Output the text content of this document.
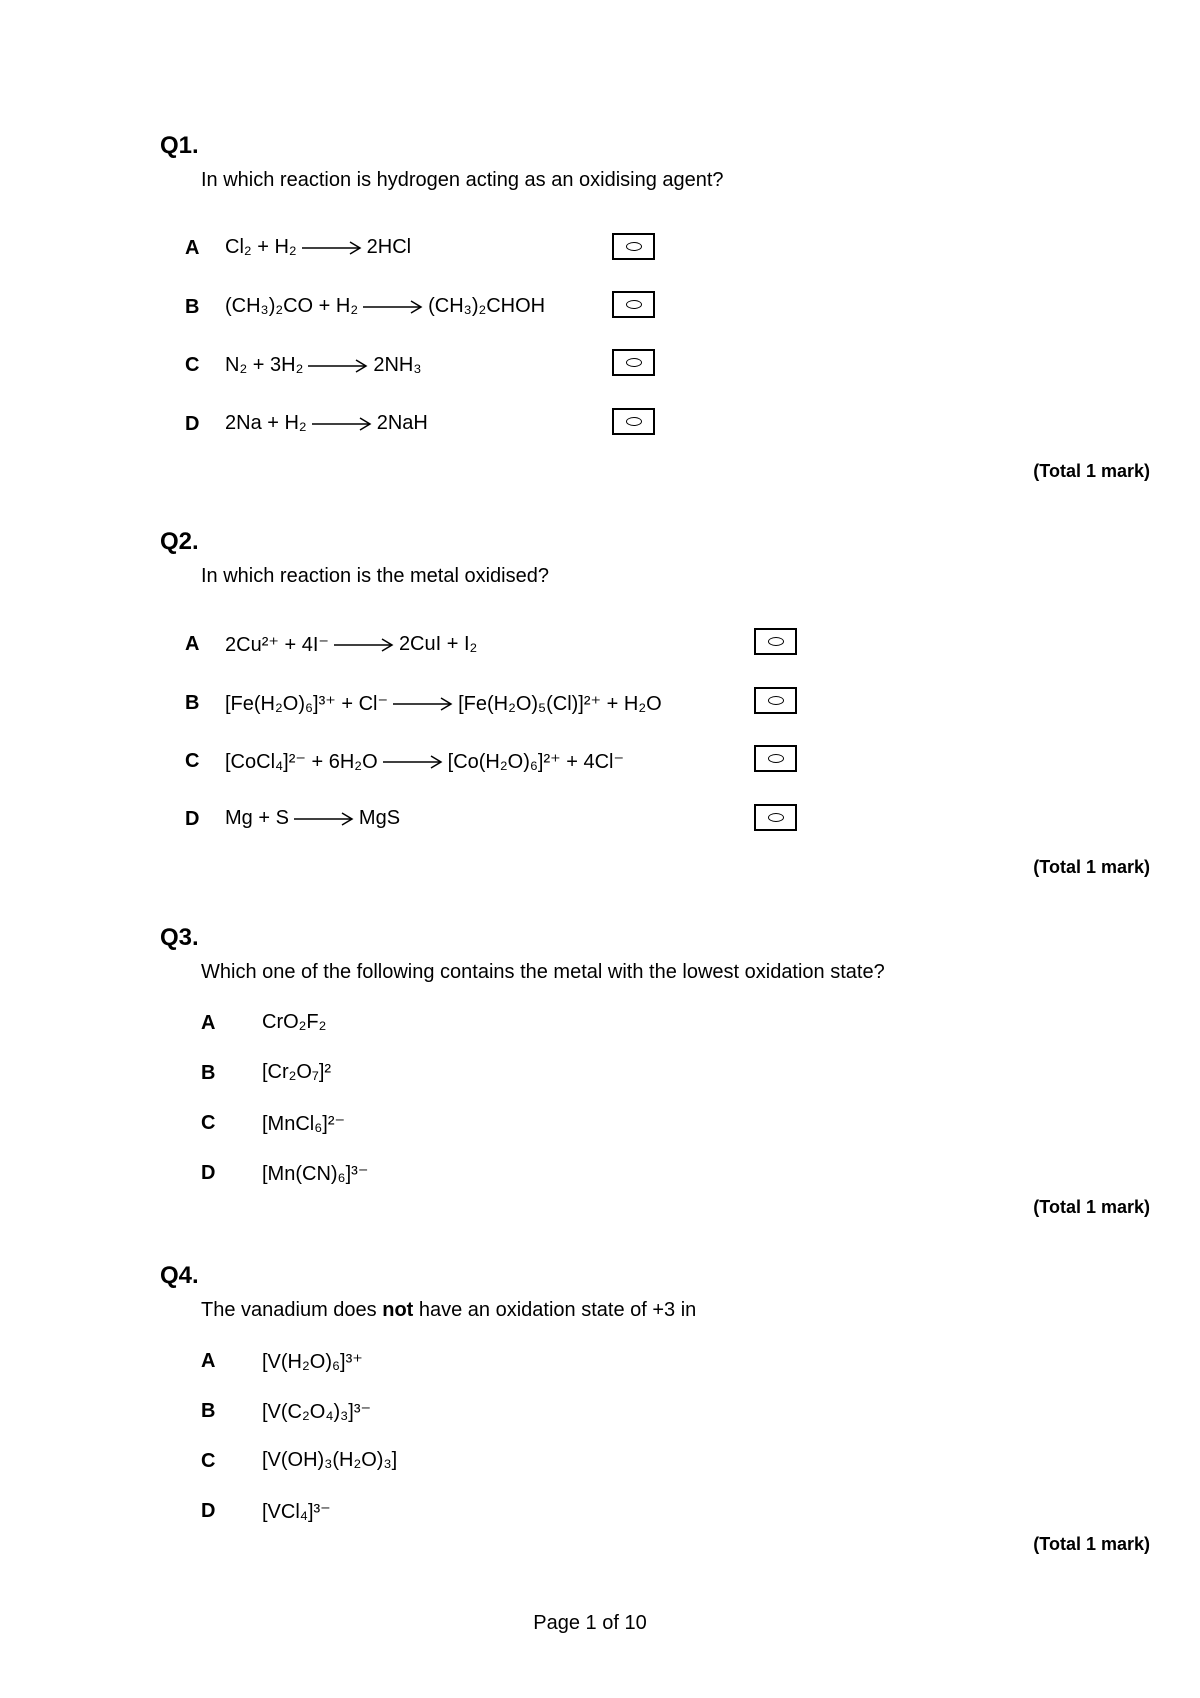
Q1.
In which reaction is hydrogen acting as an oxidising agent?
A Cl₂ + H₂ → 2HCl
B (CH₃)₂CO + H₂ → (CH₃)₂CHOH
C N₂ + 3H₂ → 2NH₃
D 2Na + H₂ → 2NaH
(Total 1 mark)
Q2.
In which reaction is the metal oxidised?
A 2Cu²⁺ + 4I⁻ → 2CuI + I₂
B [Fe(H₂O)₆]³⁺ + Cl⁻ → [Fe(H₂O)₅(Cl)]²⁺ + H₂O
C [CoCl₄]²⁻ + 6H₂O → [Co(H₂O)₆]²⁺ + 4Cl⁻
D Mg + S → MgS
(Total 1 mark)
Q3.
Which one of the following contains the metal with the lowest oxidation state?
A CrO₂F₂
B [Cr₂O₇]²
C [MnCl₆]²⁻
D [Mn(CN)₆]³⁻
(Total 1 mark)
Q4.
The vanadium does not have an oxidation state of +3 in
A [V(H₂O)₆]³⁺
B [V(C₂O₄)₃]³⁻
C [V(OH)₃(H₂O)₃]
D [VCl₄]³⁻
(Total 1 mark)
Page 1 of 10
